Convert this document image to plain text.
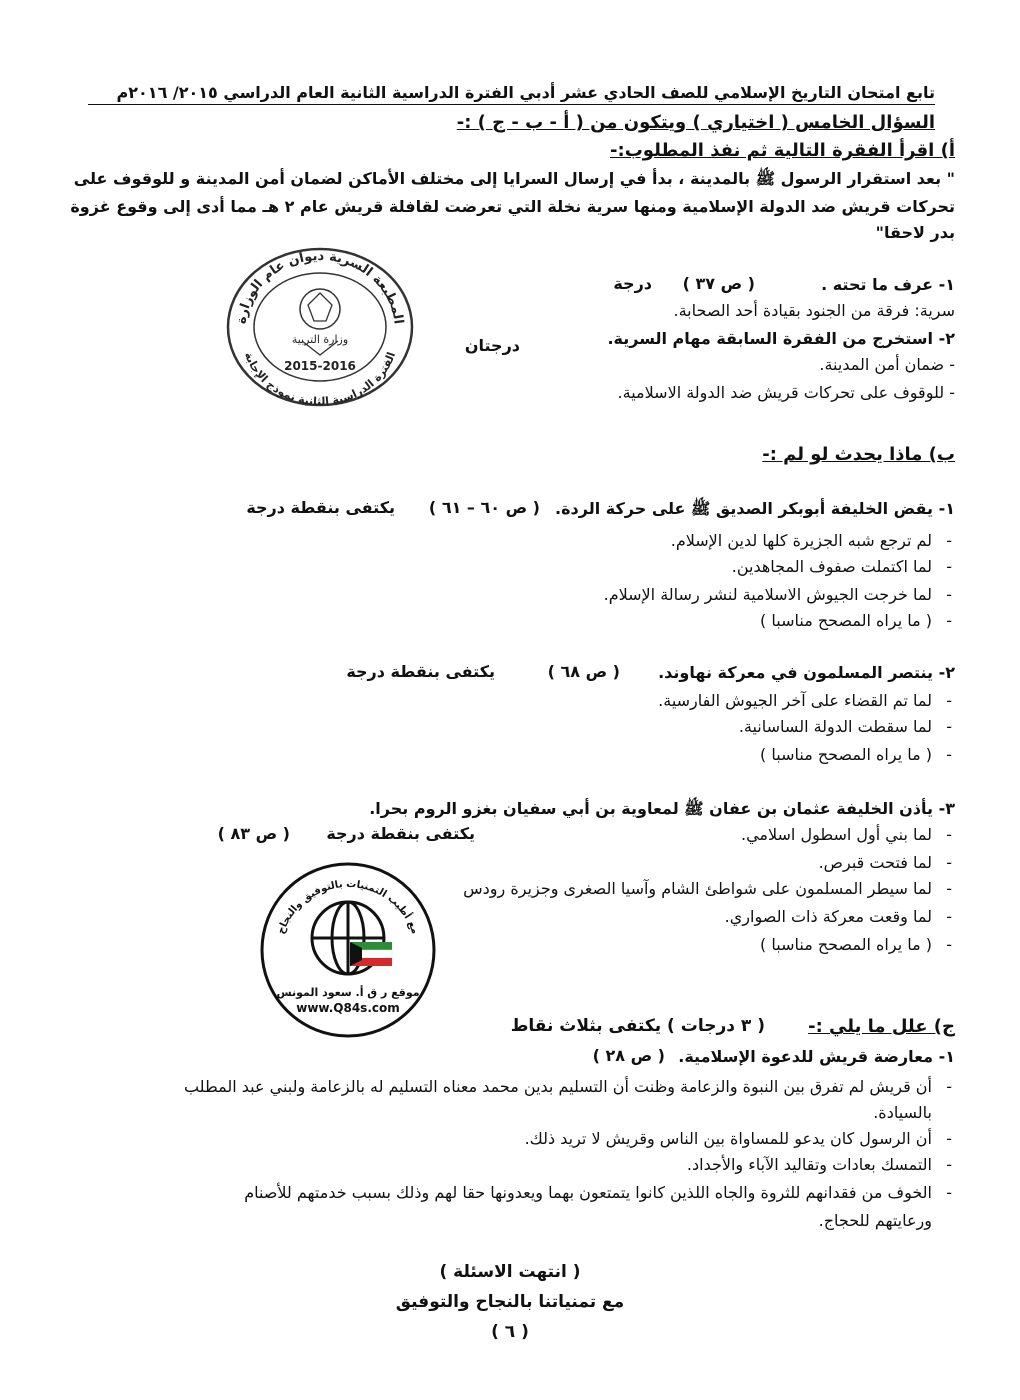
تابع امتحان التاريخ الإسلامي للصف الحادي عشر أدبي الفترة الدراسية الثانية العام الدراسي ٢٠١٥/ ٢٠١٦م
السؤال الخامس ( اختياري ) ويتكون من ( أ - ب - ج ) :-
أ) اقرأ الفقرة التالية ثم نفذ المطلوب:-
" بعد استقرار الرسول ﷺ بالمدينة ، بدأ في إرسال السرايا إلى مختلف الأماكن لضمان أمن المدينة و للوقوف على
تحركات قريش ضد الدولة الإسلامية ومنها سرية نخلة التي تعرضت لقافلة قريش عام ٢ هـ مما أدى إلى وقوع غزوة
بدر لاحقا"
المطبعة السرية ديوان عام الوزارة
الفترة الدراسية الثانية نموذج الإجابة
وزارة التربية
2015-2016
١- عرف ما تحته .
( ص ٣٧ )
درجة
سرية: فرقة من الجنود بقيادة أحد الصحابة.
٢- استخرج من الفقرة السابقة مهام السرية.
درجتان
- ضمان أمن المدينة.
- للوقوف على تحركات قريش ضد الدولة الاسلامية.
ب) ماذا يحدث لو لم :-
١- يقض الخليفة أبوبكر الصديق ﷺ على حركة الردة.
( ص ٦٠ – ٦١ )
يكتفى بنقطة درجة
- لم ترجع شبه الجزيرة كلها لدين الإسلام.
- لما اكتملت صفوف المجاهدين.
- لما خرجت الجيوش الاسلامية لنشر رسالة الإسلام.
- ( ما يراه المصحح مناسبا )
٢- ينتصر المسلمون في معركة نهاوند.
( ص ٦٨ )
يكتفى بنقطة درجة
- لما تم القضاء على آخر الجيوش الفارسية.
- لما سقطت الدولة الساسانية.
- ( ما يراه المصحح مناسبا )
٣- يأذن الخليفة عثمان بن عفان ﷺ لمعاوية بن أبي سفيان بغزو الروم بحرا.
( ص ٨٣ ) يكتفى بنقطة درجة
-	لما بني أول اسطول اسلامي.
- لما فتحت قبرص.
- لما سيطر المسلمون على شواطئ الشام وآسيا الصغرى وجزيرة رودس
- لما وقعت معركة ذات الصواري.
- ( ما يراه المصحح مناسبا )
مع أطيب التمنيات بالتوفيق والنجاح
موقع ر ق أ. سعود المونس
www.Q84s.com
ج) علل ما يلي :-
( ٣ درجات ) يكتفى بثلاث نقاط
١- معارضة قريش للدعوة الإسلامية.
( ص ٢٨ )
- أن قريش لم تفرق بين النبوة والزعامة وظنت أن التسليم بدين محمد معناه التسليم له بالزعامة ولبني عبد المطلب
بالسيادة.
- أن الرسول كان يدعو للمساواة بين الناس وقريش لا تريد ذلك.
- التمسك بعادات وتقاليد الآباء والأجداد.
- الخوف من فقدانهم للثروة والجاه اللذين كانوا يتمتعون بهما ويعدونها حقا لهم وذلك بسبب خدمتهم للأصنام
ورعايتهم للحجاج.
( انتهت الاسئلة )
مع تمنياتنا بالنجاح والتوفيق
( ٦ )
